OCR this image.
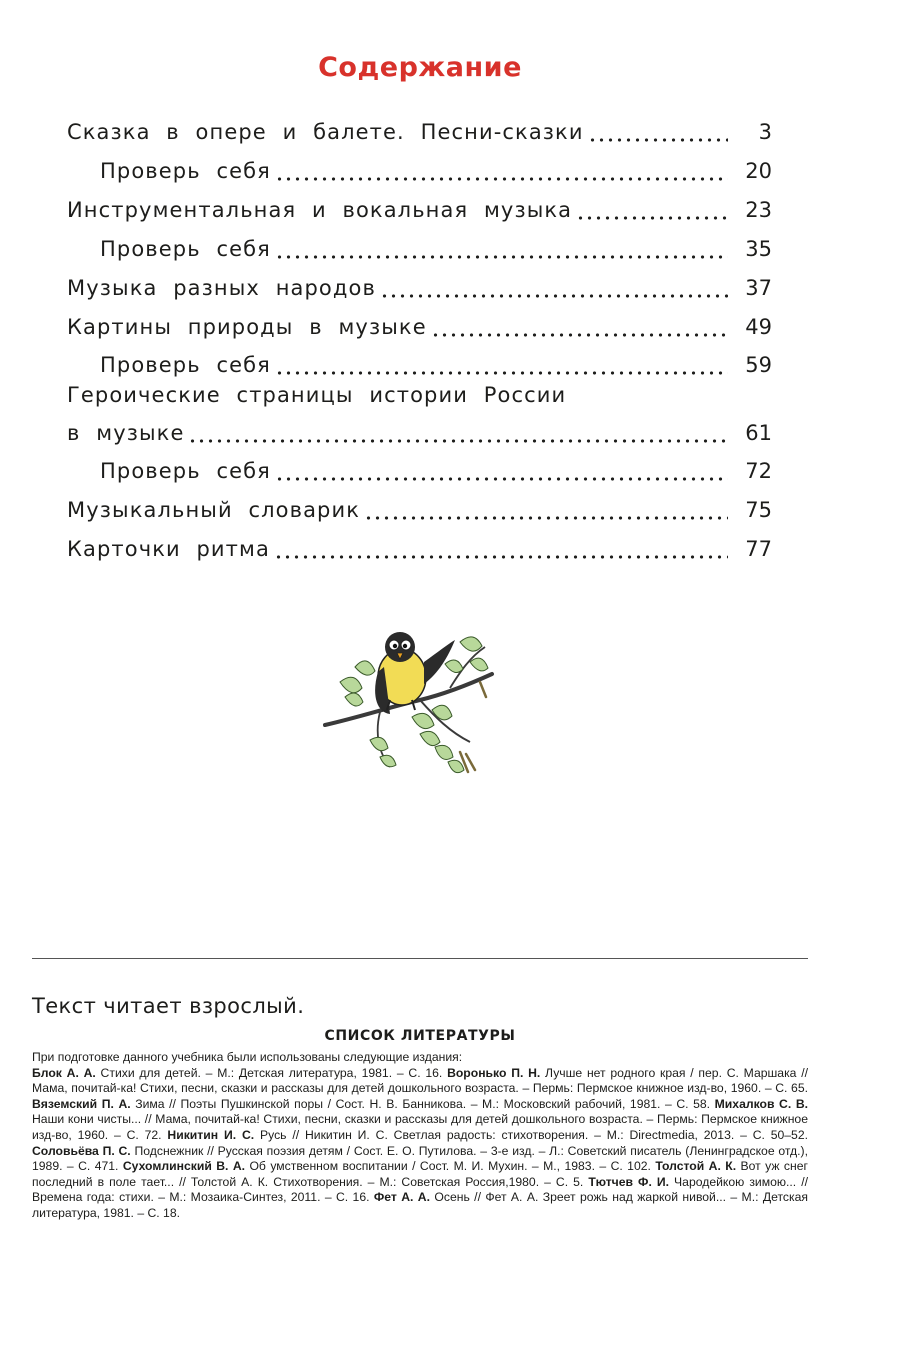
Содержание
Сказка в опере и балете. Песни-сказки	3
Проверь себя	20
Инструментальная и вокальная музыка	23
Проверь себя	35
Музыка разных народов	37
Картины природы в музыке	49
Проверь себя	59
Героические страницы истории России
в музыке	61
Проверь себя	72
Музыкальный словарик	75
Карточки ритма	77
Текст читает взрослый.
СПИСОК ЛИТЕРАТУРЫ
При подготовке данного учебника были использованы следующие издания:
Блок А. А. Стихи для детей. – М.: Детская литература, 1981. – С. 16. Воронько П. Н. Лучше нет родного края / пер. С. Маршака // Мама, почитай-ка! Стихи, песни, сказки и рассказы для детей дошкольного возраста. – Пермь: Пермское книжное изд-во, 1960. – С. 65. Вяземский П. А. Зима // Поэты Пушкинской поры / Сост. Н. В. Банникова. – М.: Московский рабочий, 1981. – С. 58. Михалков С. В. Наши кони чисты... // Мама, почитай-ка! Стихи, песни, сказки и рассказы для детей дошкольного возраста. – Пермь: Пермское книжное изд-во, 1960. – С. 72. Никитин И. С. Русь // Никитин И. С. Светлая радость: стихотворения. – М.: Directmedia, 2013. – С. 50–52. Соловьёва П. С. Подснежник // Русская поэзия детям / Сост. Е. О. Путилова. – 3-е изд. – Л.: Советский писатель (Ленинградское отд.), 1989. – С. 471. Сухомлинский В. А. Об умственном воспитании / Сост. М. И. Мухин. – М., 1983. – С. 102. Толстой А. К. Вот уж снег последний в поле тает... // Толстой А. К. Стихотворения. – М.: Советская Россия,1980. – С. 5. Тютчев Ф. И. Чародейкою зимою... // Времена года: стихи. – М.: Мозаика-Синтез, 2011. – С. 16. Фет А. А. Осень // Фет А. А. Зреет рожь над жаркой нивой... – М.: Детская литература, 1981. – С. 18.
